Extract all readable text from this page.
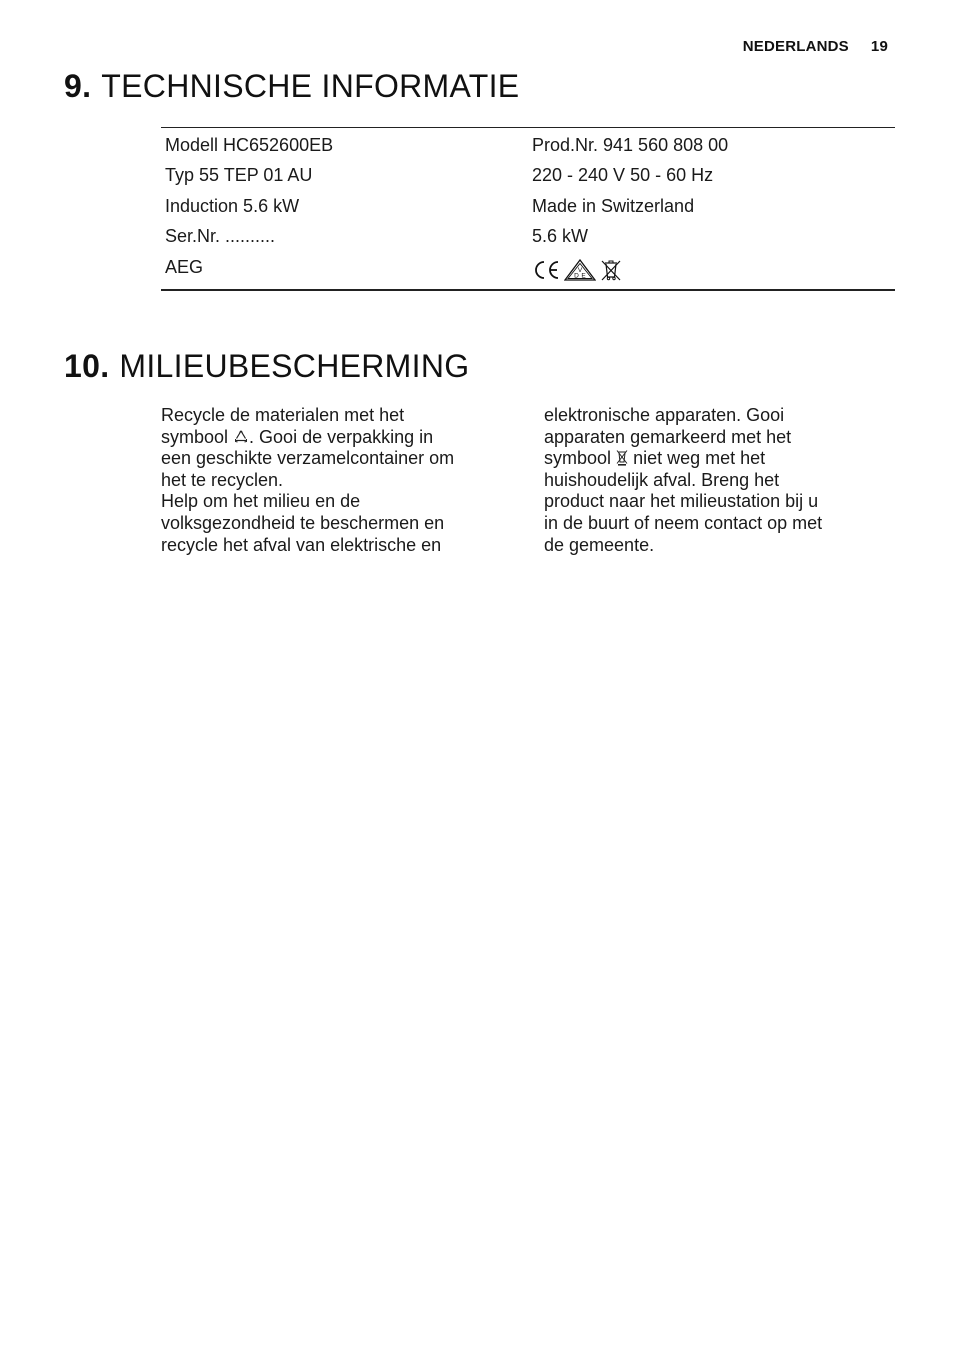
NEDERLANDS 19
9. TECHNISCHE INFORMATIE
Modell HC652600EB	Prod.Nr. 941 560 808 00
Typ 55 TEP 01 AU	220 - 240 V 50 - 60 Hz
Induction 5.6 kW	Made in Switzerland
Ser.Nr. ..........	5.6 kW
AEG	V
D E
10. MILIEUBESCHERMING

Recycle de materialen met het

symbool . Gooi de verpakking in

een geschikte verzamelcontainer om

het te recyclen.

Help om het milieu en de

volksgezondheid te beschermen en

recycle het afval van elektrische en

elektronische apparaten. Gooi

apparaten gemarkeerd met het

symbool niet weg met het

huishoudelijk afval. Breng het

product naar het milieustation bij u

in de buurt of neem contact op met

de gemeente.
